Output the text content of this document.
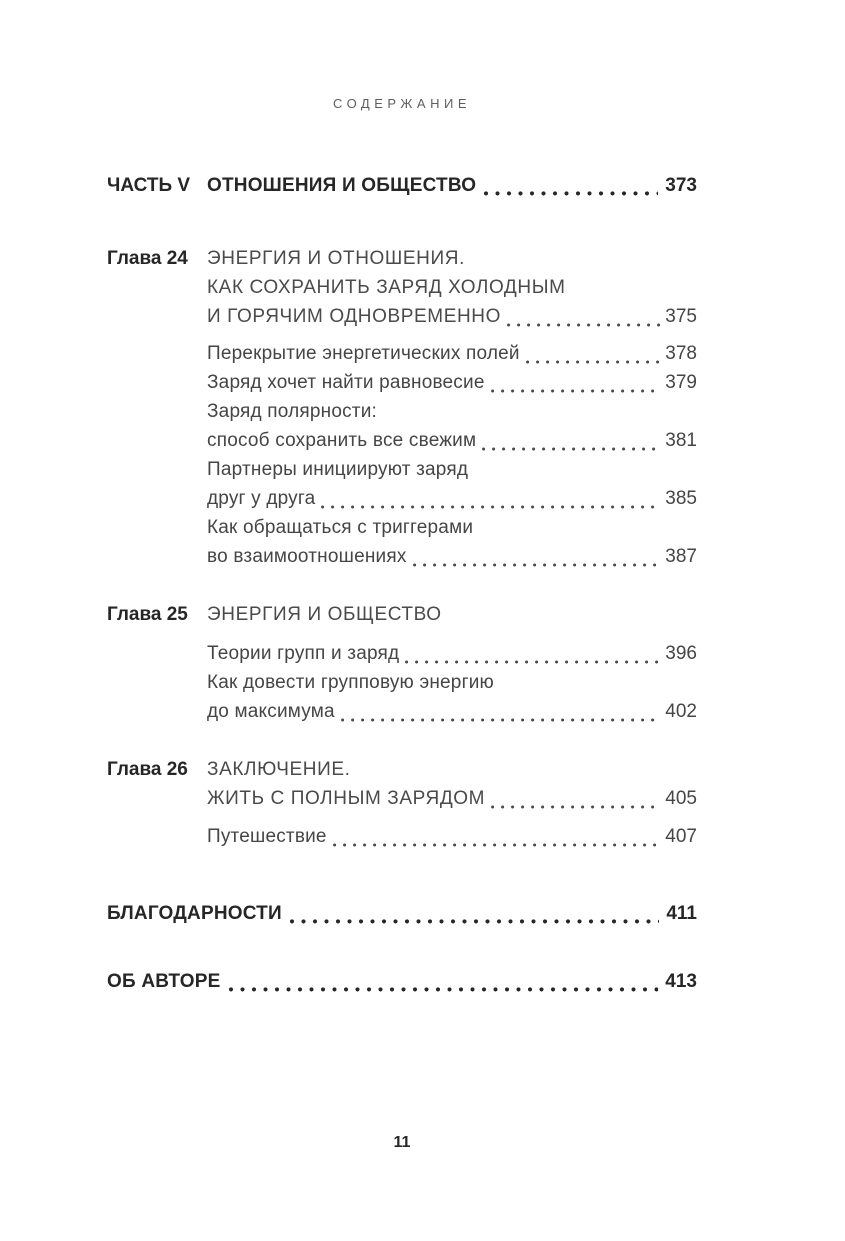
СОДЕРЖАНИЕ
ЧАСТЬ V ОТНОШЕНИЯ И ОБЩЕСТВО	373
Глава 24	ЭНЕРГИЯ И ОТНОШЕНИЯ.
КАК СОХРАНИТЬ ЗАРЯД ХОЛОДНЫМ
И ГОРЯЧИМ ОДНОВРЕМЕННО	375
Перекрытие энергетических полей	378
Заряд хочет найти равновесие	379
Заряд полярности:
способ сохранить все свежим	381
Партнеры инициируют заряд
друг у друга	385
Как обращаться с триггерами
во взаимоотношениях	387
Глава 25	ЭНЕРГИЯ И ОБЩЕСТВО
Теории групп и заряд	396
Как довести групповую энергию
до максимума	402
Глава 26	ЗАКЛЮЧЕНИЕ.
ЖИТЬ С ПОЛНЫМ ЗАРЯДОМ	405
Путешествие	407
БЛАГОДАРНОСТИ	411
ОБ АВТОРЕ	413
11
